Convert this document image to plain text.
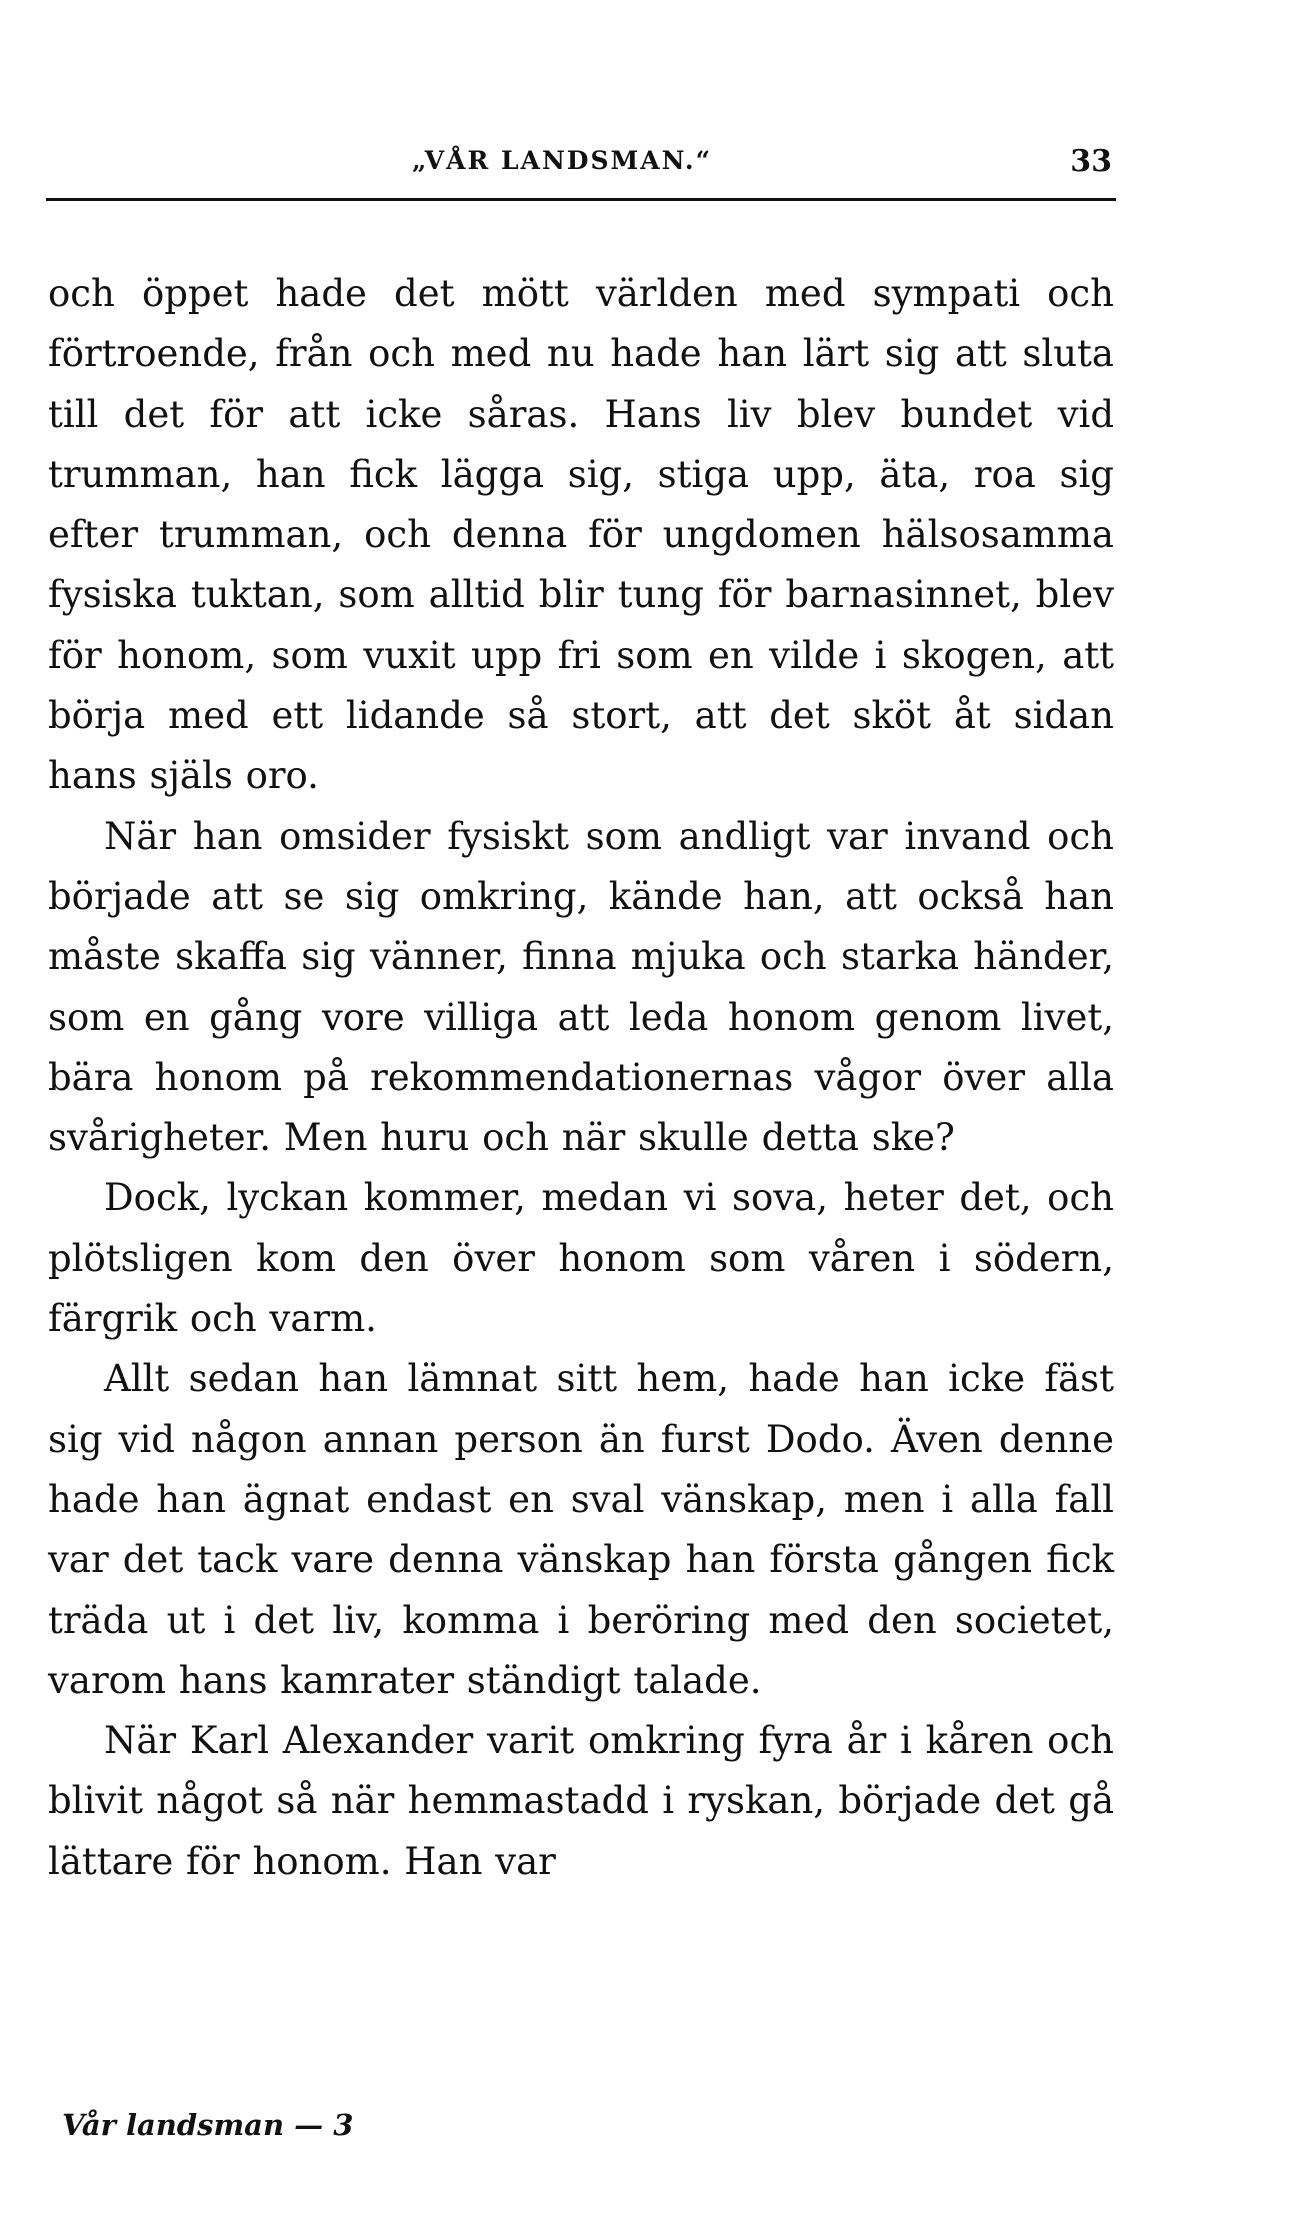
„VÅR LANDSMAN.“	33

och öppet hade det mött världen med sympati och förtroende, från och med nu hade han lärt sig att sluta till det för att icke såras. Hans liv blev bundet vid trumman, han fick lägga sig, stiga upp, äta, roa sig efter trumman, och denna för ungdomen hälsosamma fysiska tuktan, som alltid blir tung för barnasinnet, blev för honom, som vuxit upp fri som en vilde i skogen, att börja med ett lidande så stort, att det sköt åt sidan hans själs oro.

När han omsider fysiskt som andligt var invand och började att se sig omkring, kände han, att också han måste skaffa sig vänner, finna mjuka och starka händer, som en gång vore villiga att leda honom genom livet, bära honom på rekommendationernas vågor över alla svårigheter. Men huru och när skulle detta ske?

Dock, lyckan kommer, medan vi sova, heter det, och plötsligen kom den över honom som våren i södern, färgrik och varm.

Allt sedan han lämnat sitt hem, hade han icke fäst sig vid någon annan person än furst Dodo. Även denne hade han ägnat endast en sval vänskap, men i alla fall var det tack vare denna vänskap han första gången fick träda ut i det liv, komma i beröring med den societet, varom hans kamrater ständigt talade.

När Karl Alexander varit omkring fyra år i kåren och blivit något så när hemmastadd i ryskan, började det gå lättare för honom. Han var

Vår landsman — 3
